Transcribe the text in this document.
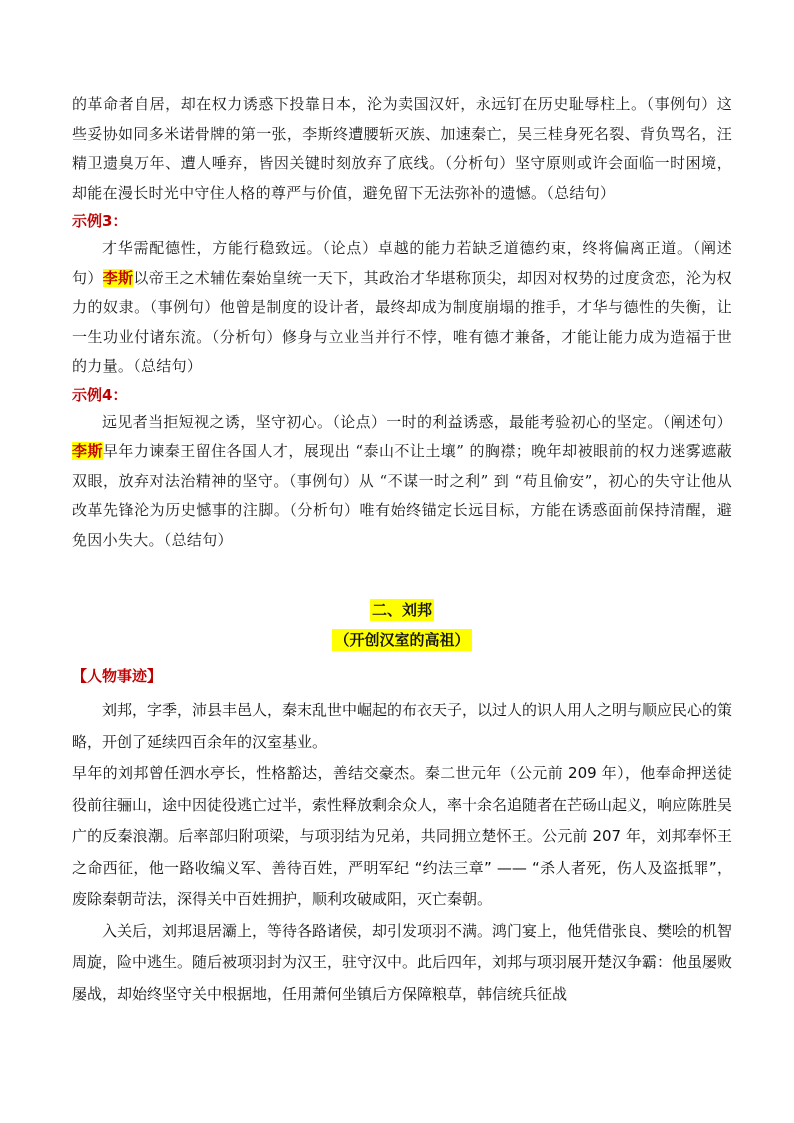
的革命者自居，却在权力诱惑下投靠日本，沦为卖国汉奸，永远钉在历史耻辱柱上。（事例句）这些妥协如同多米诺骨牌的第一张，李斯终遭腰斩灭族、加速秦亡，吴三桂身死名裂、背负骂名，汪精卫遗臭万年、遭人唾弃，皆因关键时刻放弃了底线。（分析句）坚守原则或许会面临一时困境，却能在漫长时光中守住人格的尊严与价值，避免留下无法弥补的遗憾。（总结句）

示例3：

才华需配德性，方能行稳致远。（论点）卓越的能力若缺乏道德约束，终将偏离正道。（阐述句）李斯以帝王之术辅佐秦始皇统一天下，其政治才华堪称顶尖，却因对权势的过度贪恋，沦为权力的奴隶。（事例句）他曾是制度的设计者，最终却成为制度崩塌的推手，才华与德性的失衡，让一生功业付诸东流。（分析句）修身与立业当并行不悖，唯有德才兼备，才能让能力成为造福于世的力量。（总结句）

示例4：

远见者当拒短视之诱，坚守初心。（论点）一时的利益诱惑，最能考验初心的坚定。（阐述句）李斯早年力谏秦王留住各国人才，展现出 “泰山不让土壤” 的胸襟；晚年却被眼前的权力迷雾遮蔽双眼，放弃对法治精神的坚守。（事例句）从 “不谋一时之利” 到 “苟且偷安”，初心的失守让他从改革先锋沦为历史憾事的注脚。（分析句）唯有始终锚定长远目标，方能在诱惑面前保持清醒，避免因小失大。（总结句）

二、刘邦

（开创汉室的高祖）

【人物事迹】

刘邦，字季，沛县丰邑人，秦末乱世中崛起的布衣天子，以过人的识人用人之明与顺应民心的策略，开创了延续四百余年的汉室基业。

早年的刘邦曾任泗水亭长，性格豁达，善结交豪杰。秦二世元年（公元前 209 年），他奉命押送徒役前往骊山，途中因徒役逃亡过半，索性释放剩余众人，率十余名追随者在芒砀山起义，响应陈胜吴广的反秦浪潮。后率部归附项梁，与项羽结为兄弟，共同拥立楚怀王。公元前 207 年，刘邦奉怀王之命西征，他一路收编义军、善待百姓，严明军纪 “约法三章” —— “杀人者死，伤人及盗抵罪”，废除秦朝苛法，深得关中百姓拥护，顺利攻破咸阳，灭亡秦朝。

入关后，刘邦退居灞上，等待各路诸侯，却引发项羽不满。鸿门宴上，他凭借张良、樊哙的机智周旋，险中逃生。随后被项羽封为汉王，驻守汉中。此后四年，刘邦与项羽展开楚汉争霸：他虽屡败屡战，却始终坚守关中根据地，任用萧何坐镇后方保障粮草，韩信统兵征战
